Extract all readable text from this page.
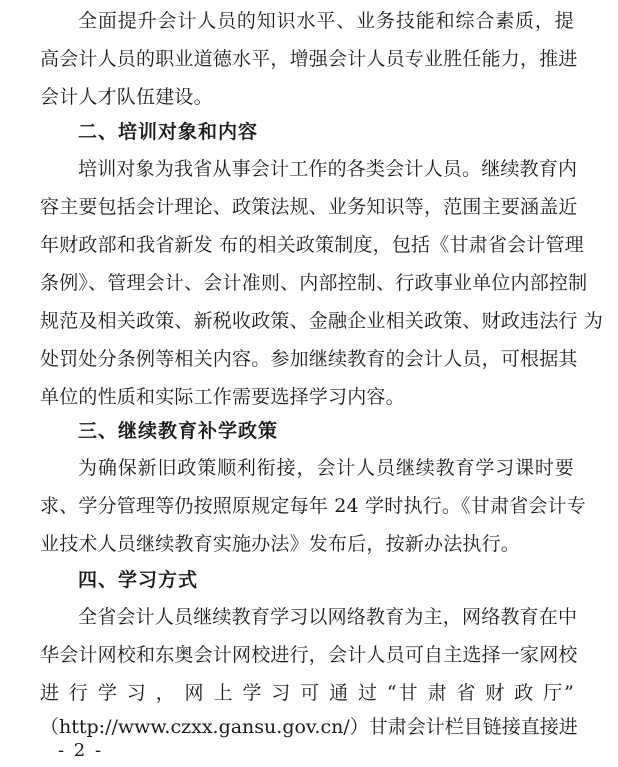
全面提升会计人员的知识水平、业务技能和综合素质，提
高会计人员的职业道德水平，增强会计人员专业胜任能力，推进
会计人才队伍建设。
二、培训对象和内容
培训对象为我省从事会计工作的各类会计人员。继续教育内
容主要包括会计理论、政策法规、业务知识等，范围主要涵盖近
年财政部和我省新发 布的相关政策制度，包括《甘肃省会计管理
条例》、管理会计、会计准则、内部控制、行政事业单位内部控制
规范及相关政策、新税收政策、金融企业相关政策、财政违法行 为
处罚处分条例等相关内容。参加继续教育的会计人员，可根据其
单位的性质和实际工作需要选择学习内容。
三、继续教育补学政策
为确保新旧政策顺利衔接，会计人员继续教育学习课时要
求、学分管理等仍按照原规定每年 24 学时执行。《甘肃省会计专
业技术人员继续教育实施办法》发布后，按新办法执行。
四、学习方式
全省会计人员继续教育学习以网络教育为主，网络教育在中
华会计网校和东奥会计网校进行，会计人员可自主选择一家网校
进 行 学 习 ， 网 上 学 习 可 通 过 “甘 肃 省 财 政 厅”
（http://www.czxx.gansu.gov.cn/）甘肃会计栏目链接直接进
- 2 -
